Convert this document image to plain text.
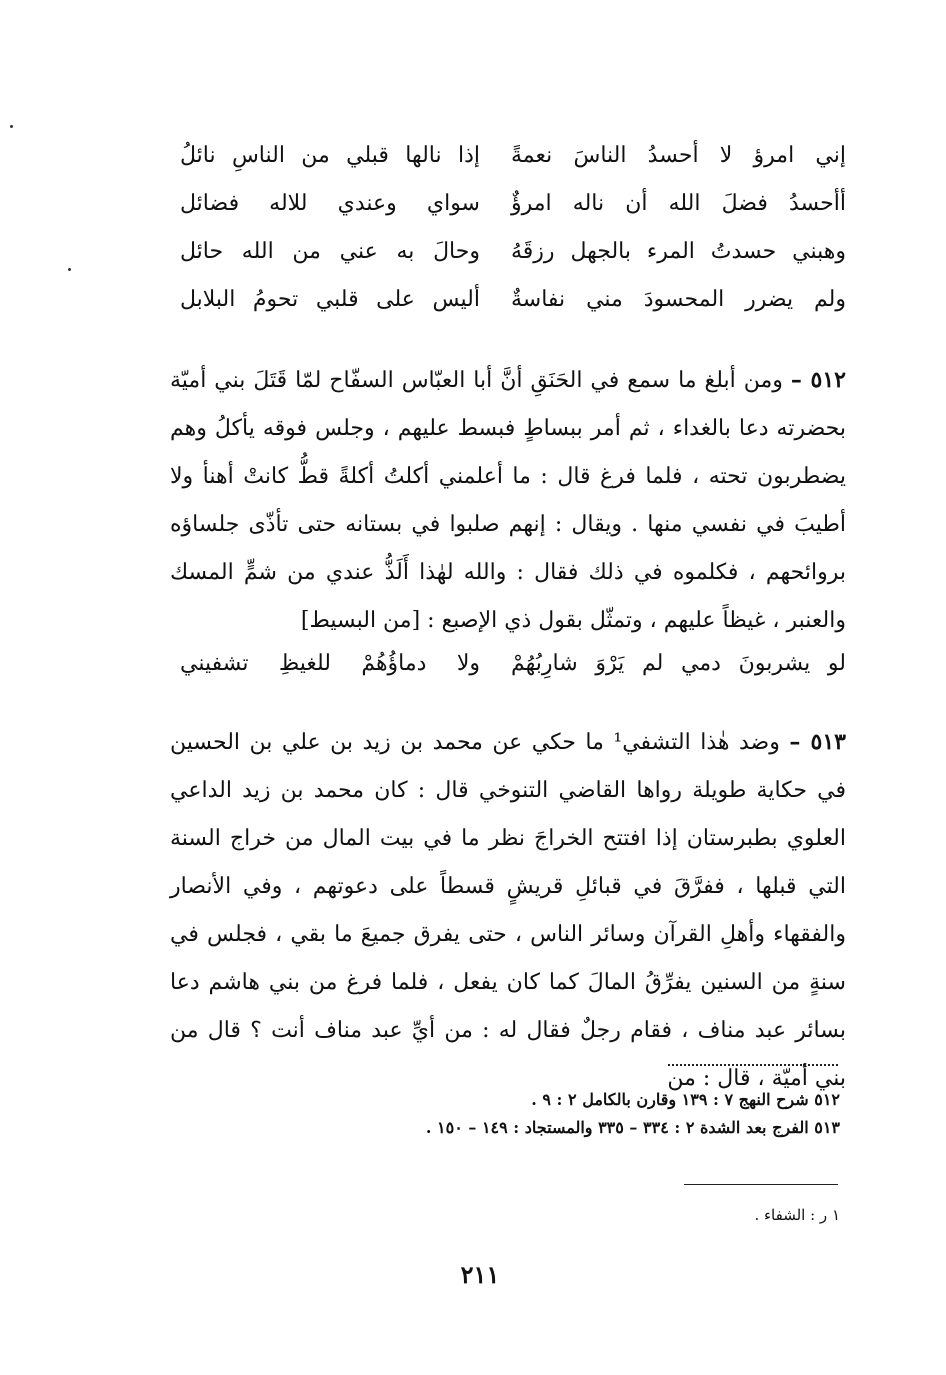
إني امرؤ لا أحسدُ الناسَ نعمةً
إذا نالها قبلي من الناسِ نائلُ
أأحسدُ فضلَ الله أن ناله امرؤٌ
سواي وعندي للاله فضائل
وهبني حسدتُ المرء بالجهل رزقَهُ
وحالَ به عني من الله حائل
ولم يضرر المحسودَ مني نفاسةٌ
أليس على قلبي تحومُ البلابل
٥١٢ – ومن أبلغ ما سمع في الحَنَقِ أنَّ أبا العبّاس السفّاح لمّا قَتَلَ بني أميّة بحضرته دعا بالغداء ، ثم أمر ببساطٍ فبسط عليهم ، وجلس فوقه يأكلُ وهم يضطربون تحته ، فلما فرغ قال : ما أعلمني أكلتُ أكلةً قطُّ كانتْ أهنأ ولا أطيبَ في نفسي منها . ويقال : إنهم صلبوا في بستانه حتى تأذّى جلساؤه بروائحهم ، فكلموه في ذلك فقال : والله لهٰذا أَلَذُّ عندي من شمٍّ المسك والعنبر ، غيظاً عليهم ، وتمثّل بقول ذي الإصبع : [من البسيط]
لو يشربونَ دمي لم يَرْوَ شارِبُهُمْ
ولا دماؤُهُمْ للغيظِ تشفيني
٥١٣ – وضد هٰذا التشفي¹ ما حكي عن محمد بن زيد بن علي بن الحسين في حكاية طويلة رواها القاضي التنوخي قال : كان محمد بن زيد الداعي العلوي بطبرستان إذا افتتح الخراجَ نظر ما في بيت المال من خراج السنة التي قبلها ، ففرَّقَ في قبائلِ قريشٍ قسطاً على دعوتهم ، وفي الأنصار والفقهاء وأهلِ القرآن وسائر الناس ، حتى يفرق جميعَ ما بقي ، فجلس في سنةٍ من السنين يفرِّقُ المالَ كما كان يفعل ، فلما فرغ من بني هاشم دعا بسائر عبد مناف ، فقام رجلٌ فقال له : من أيِّ عبد مناف أنت ؟ قال من بني أميّة ، قال : من
٥١٢ شرح النهج ٧ : ١٣٩ وقارن بالكامل ٢ : ٩ .
٥١٣ الفرج بعد الشدة ٢ : ٣٣٤ – ٣٣٥ والمستجاد : ١٤٩ – ١٥٠ .
١ ر : الشفاء .
٢١١
